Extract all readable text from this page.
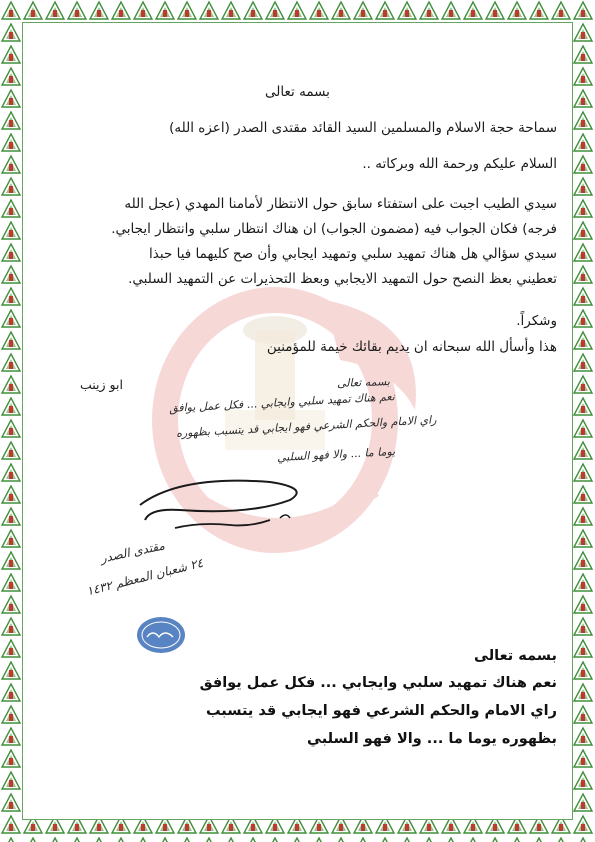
بسمه تعالى
سماحة حجة الاسلام والمسلمين السيد القائد مقتدى الصدر (اعزه الله)
السلام عليكم ورحمة الله وبركاته ..
سيدي الطيب اجبت على استفتاء سابق حول الانتظار لأمامنا المهدي (عجل الله
فرجه) فكان الجواب فيه (مضمون الجواب) ان هناك انتظار سلبي وانتظار ايجابي.
سيدي سؤالي هل هناك تمهيد سلبي وتمهيد ايجابي وأن صح كليهما فيا حبذا
تعطيني بعظ النصح حول التمهيد الايجابي وبعظ التحذيرات عن التمهيد السلبي.
وشكراً.
هذا وأسأل الله سبحانه ان يديم بقائك خيمة للمؤمنين
ابو زينب	بسمه تعالى
نعم هناك تمهيد سلبي وايجابي ... فكل عمل يوافق
راي الامام والحكم الشرعي فهو ايجابي قد يتسبب بظهوره
يوما ما ... والا فهو السلبي
مقتدى الصدر
٢٤ شعبان المعظم ١٤٣٢
بسمه تعالى
نعم هناك تمهيد سلبي وايجابي ... فكل عمل يوافق
راي الامام والحكم الشرعي فهو ايجابي قد يتسبب
بظهوره يوما ما ... والا فهو السلبي
